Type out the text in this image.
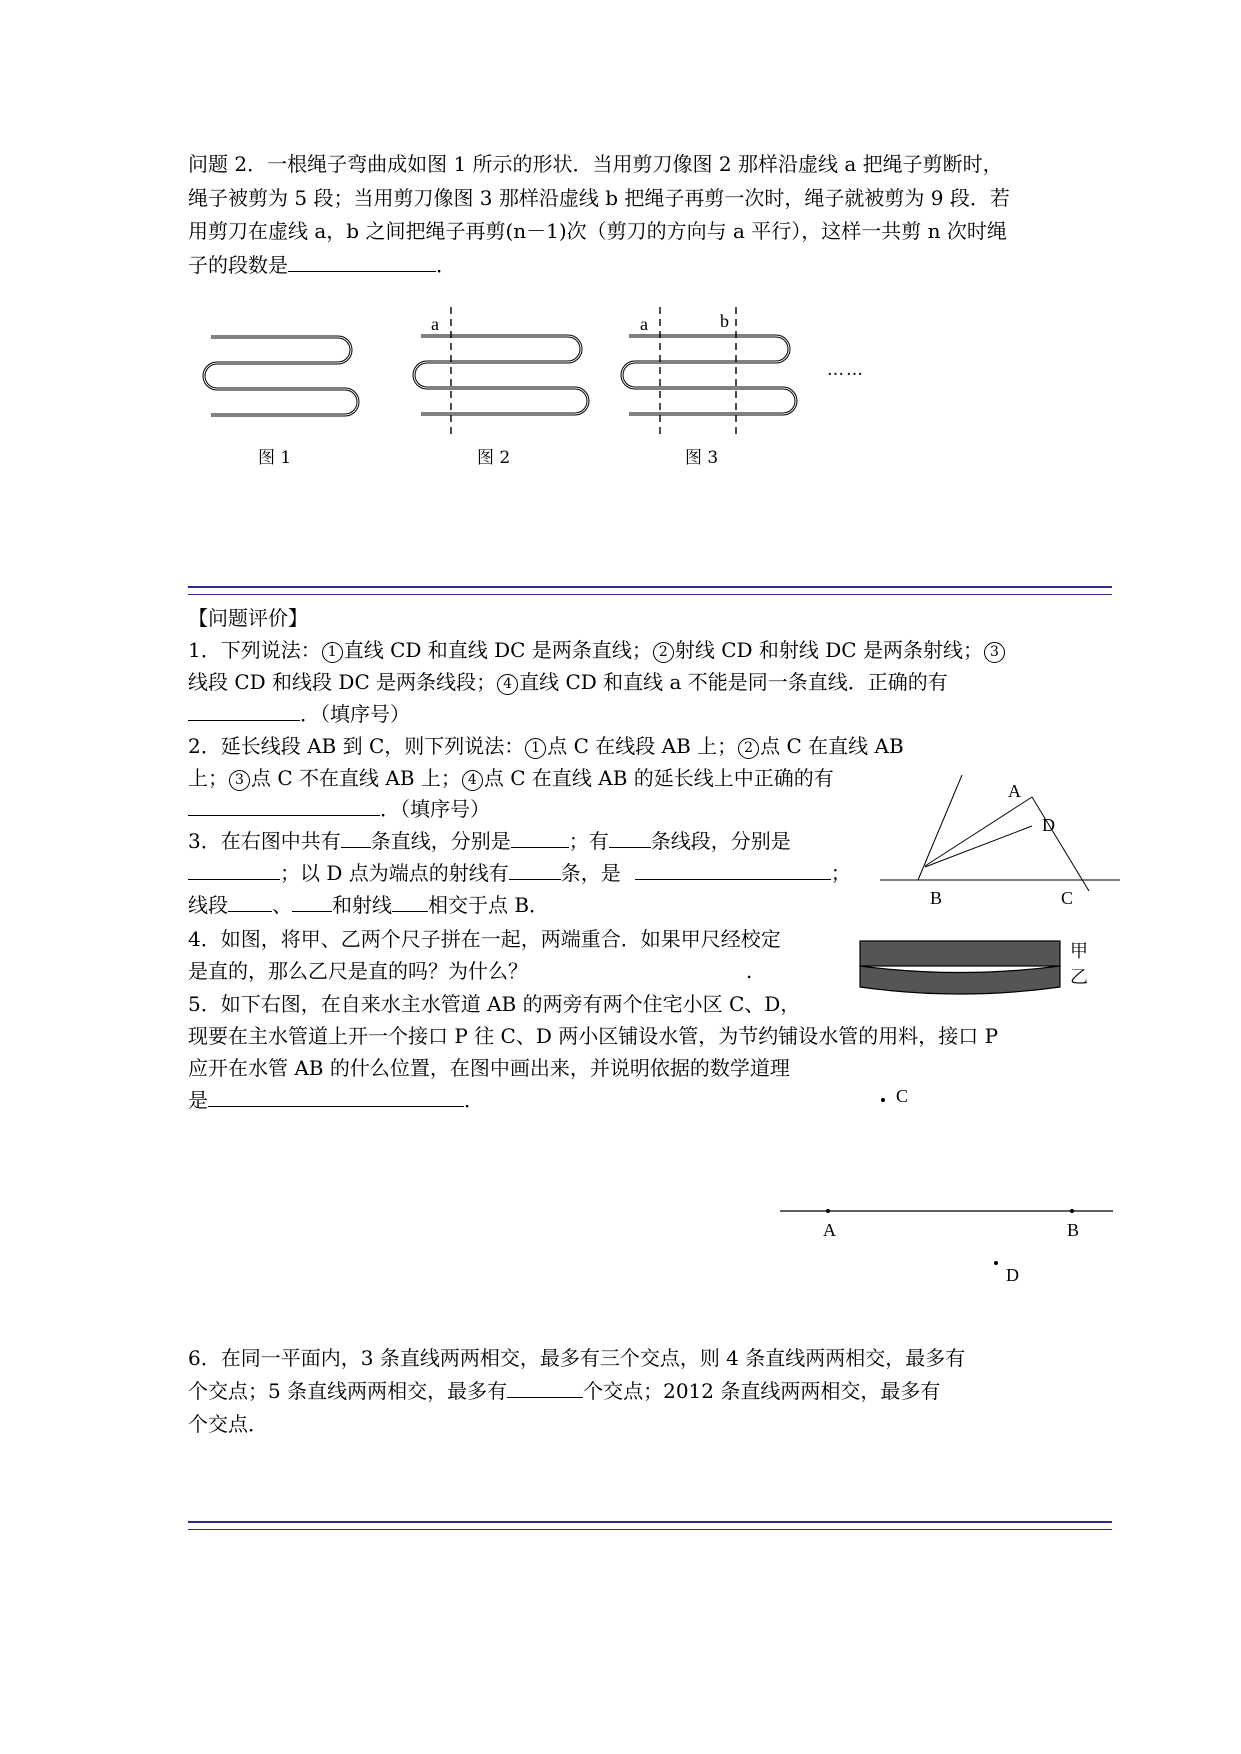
问题 2．一根绳子弯曲成如图 1 所示的形状．当用剪刀像图 2 那样沿虚线 a 把绳子剪断时，
绳子被剪为 5 段；当用剪刀像图 3 那样沿虚线 b 把绳子再剪一次时，绳子就被剪为 9 段．若
用剪刀在虚线 a，b 之间把绳子再剪(n－1)次（剪刀的方向与 a 平行），这样一共剪 n 次时绳
子的段数是	．
图 1
a
图 2
a	b
图 3
……
【问题评价】
1．下列说法： 1 直线 CD 和直线 DC 是两条直线； 2 射线 CD 和射线 DC 是两条射线； 3
线段 CD 和线段 DC 是两条线段； 4 直线 CD 和直线 a 不能是同一条直线．正确的有
．（填序号）
2．延长线段 AB 到 C，则下列说法： 1 点 C 在线段 AB 上； 2 点 C 在直线 AB
上； 3 点 C 不在直线 AB 上； 4 点 C 在直线 AB 的延长线上中正确的有
．（填序号）
3．在右图中共有 条直线，分别是	；有 条线段，分别是
；以 D 点为端点的射线有	条，是	；
线段 、 和射线 相交于点 B．
A
D
B	C
4．如图，将甲、乙两个尺子拼在一起，两端重合．如果甲尺经校定
是直的，那么乙尺是直的吗？为什么？	.
甲
乙
5．如下右图，在自来水主水管道 AB 的两旁有两个住宅小区 C、D，
现要在主水管道上开一个接口 P 往 C、D 两小区铺设水管，为节约铺设水管的用料，接口 P
应开在水管 AB 的什么位置，在图中画出来，并说明依据的数学道理
是	．	C
A	B
D
6．在同一平面内，3 条直线两两相交，最多有三个交点，则 4 条直线两两相交，最多有
个交点；5 条直线两两相交，最多有	个交点；2012 条直线两两相交，最多有
个交点．
